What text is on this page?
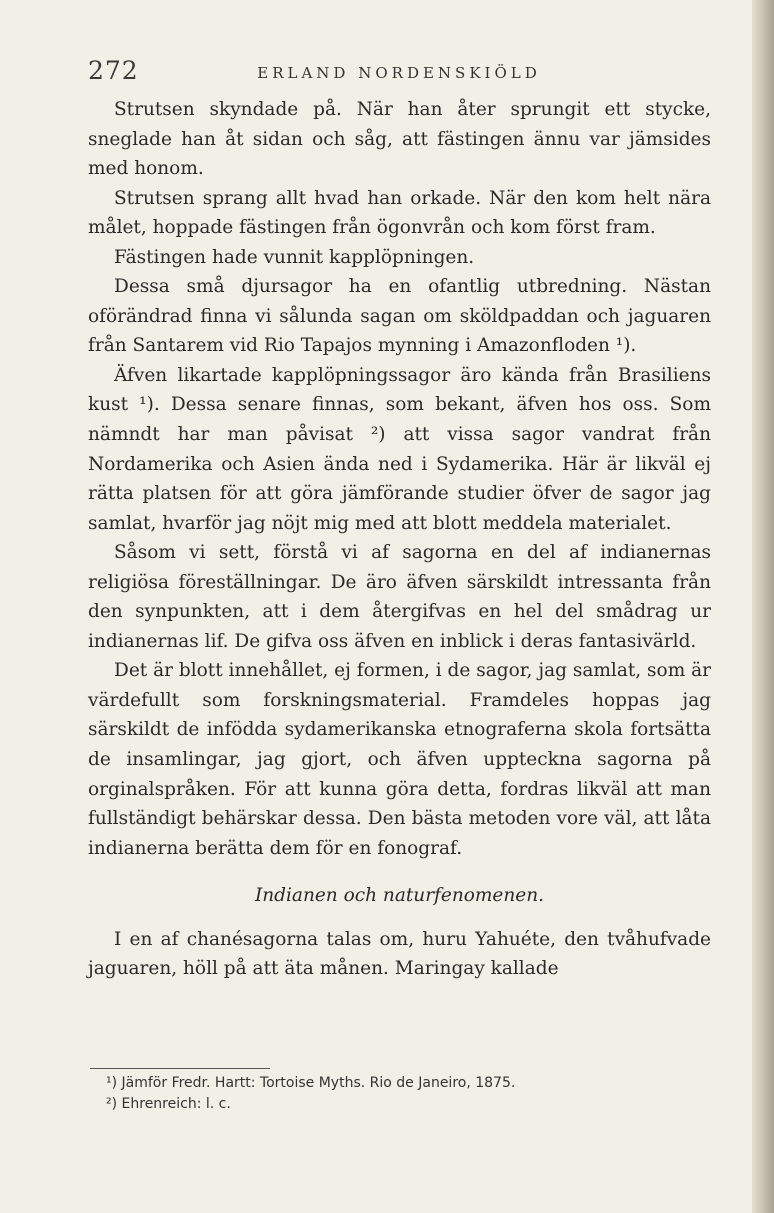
272	ERLAND NORDENSKIÖLD

Strutsen skyndade på. När han åter sprungit ett stycke, sneglade han åt sidan och såg, att fästingen ännu var jämsides med honom.

Strutsen sprang allt hvad han orkade. När den kom helt nära målet, hoppade fästingen från ögonvrån och kom först fram.

Fästingen hade vunnit kapplöpningen.

Dessa små djursagor ha en ofantlig utbredning. Nästan oförändrad finna vi sålunda sagan om sköldpaddan och jaguaren från Santarem vid Rio Tapajos mynning i Amazonfloden ¹).

Äfven likartade kapplöpningssagor äro kända från Brasiliens kust ¹). Dessa senare finnas, som bekant, äfven hos oss. Som nämndt har man påvisat ²) att vissa sagor vandrat från Nordamerika och Asien ända ned i Sydamerika. Här är likväl ej rätta platsen för att göra jämförande studier öfver de sagor jag samlat, hvarför jag nöjt mig med att blott meddela materialet.

Såsom vi sett, förstå vi af sagorna en del af indianernas religiösa föreställningar. De äro äfven särskildt intressanta från den synpunkten, att i dem återgifvas en hel del smådrag ur indianernas lif. De gifva oss äfven en inblick i deras fantasivärld.

Det är blott innehållet, ej formen, i de sagor, jag samlat, som är värdefullt som forskningsmaterial. Framdeles hoppas jag särskildt de infödda sydamerikanska etnograferna skola fortsätta de insamlingar, jag gjort, och äfven uppteckna sagorna på orginalspråken. För att kunna göra detta, fordras likväl att man fullständigt behärskar dessa. Den bästa metoden vore väl, att låta indianerna berätta dem för en fonograf.

Indianen och naturfenomenen.

I en af chanésagorna talas om, huru Yahuéte, den tvåhufvade jaguaren, höll på att äta månen. Maringay kallade

¹) Jämför Fredr. Hartt: Tortoise Myths. Rio de Janeiro, 1875.
²) Ehrenreich: l. c.
